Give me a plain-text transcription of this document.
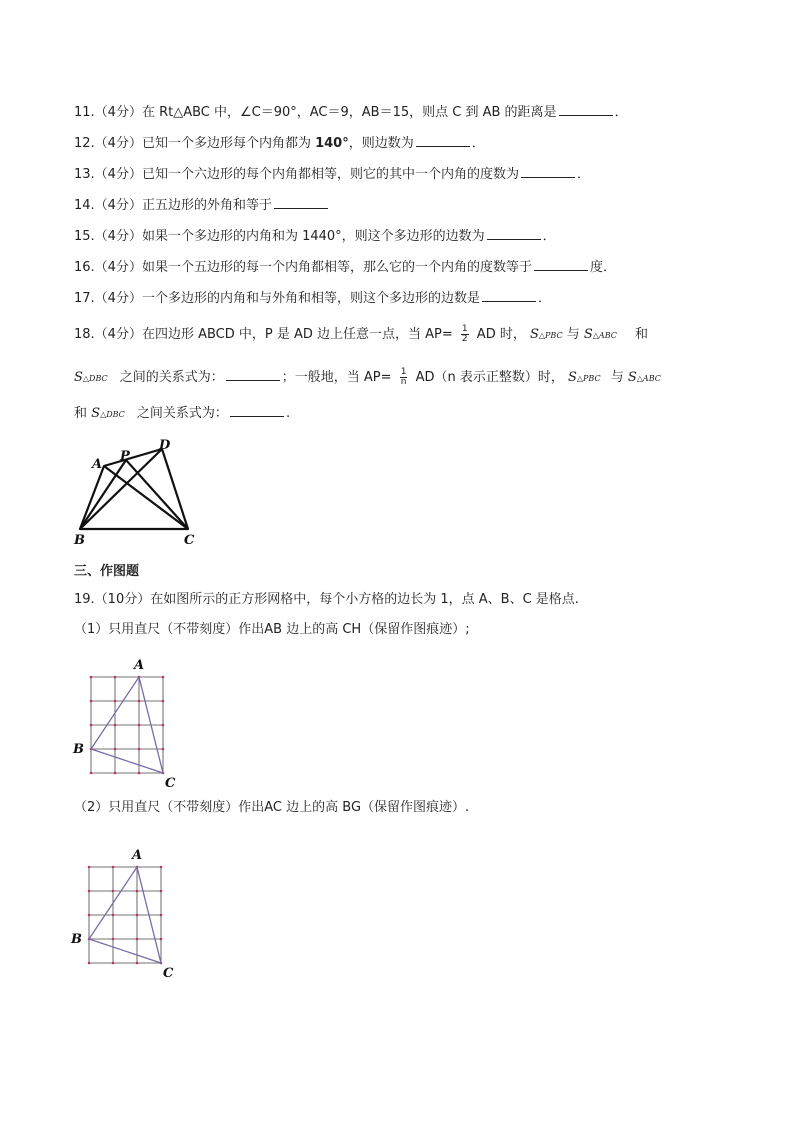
11.（4分）在 Rt△ABC 中，∠C＝90°，AC＝9，AB＝15，则点 C 到 AB 的距离是	．
12.（4分）已知一个多边形每个内角都为 140°，则边数为	．
13.（4分）已知一个六边形的每个内角都相等，则它的其中一个内角的度数为	．
14.（4分）正五边形的外角和等于
15.（4分）如果一个多边形的内角和为 1440°，则这个多边形的边数为	．
16.（4分）如果一个五边形的每一个内角都相等，那么它的一个内角的度数等于	度．
17.（4分）一个多边形的内角和与外角和相等，则这个多边形的边数是	．
18.（4分）在四边形 ABCD 中，P 是 AD 边上任意一点，当 $AP= \frac{1}{2}$ AD 时， S△PBC 与 S△ABC 和
S△DBC 之间的关系式为：	；一般地，当 $AP= \frac{1}{n} AD(n$ 表示正整数）时， S△PBC 与 S△ABC
和 S△DBC 之间关系式为：	.
A
P
D
B	C
三、作图题
19.（10分）在如图所示的正方形网格中，每个小方格的边长为 1，点 A、B、C 是格点.
（1）只用直尺（不带刻度）作出AB 边上的高 CH（保留作图痕迹）;
A
B
C
（2）只用直尺（不带刻度）作出AC 边上的高 BG（保留作图痕迹）.
A
B
C
